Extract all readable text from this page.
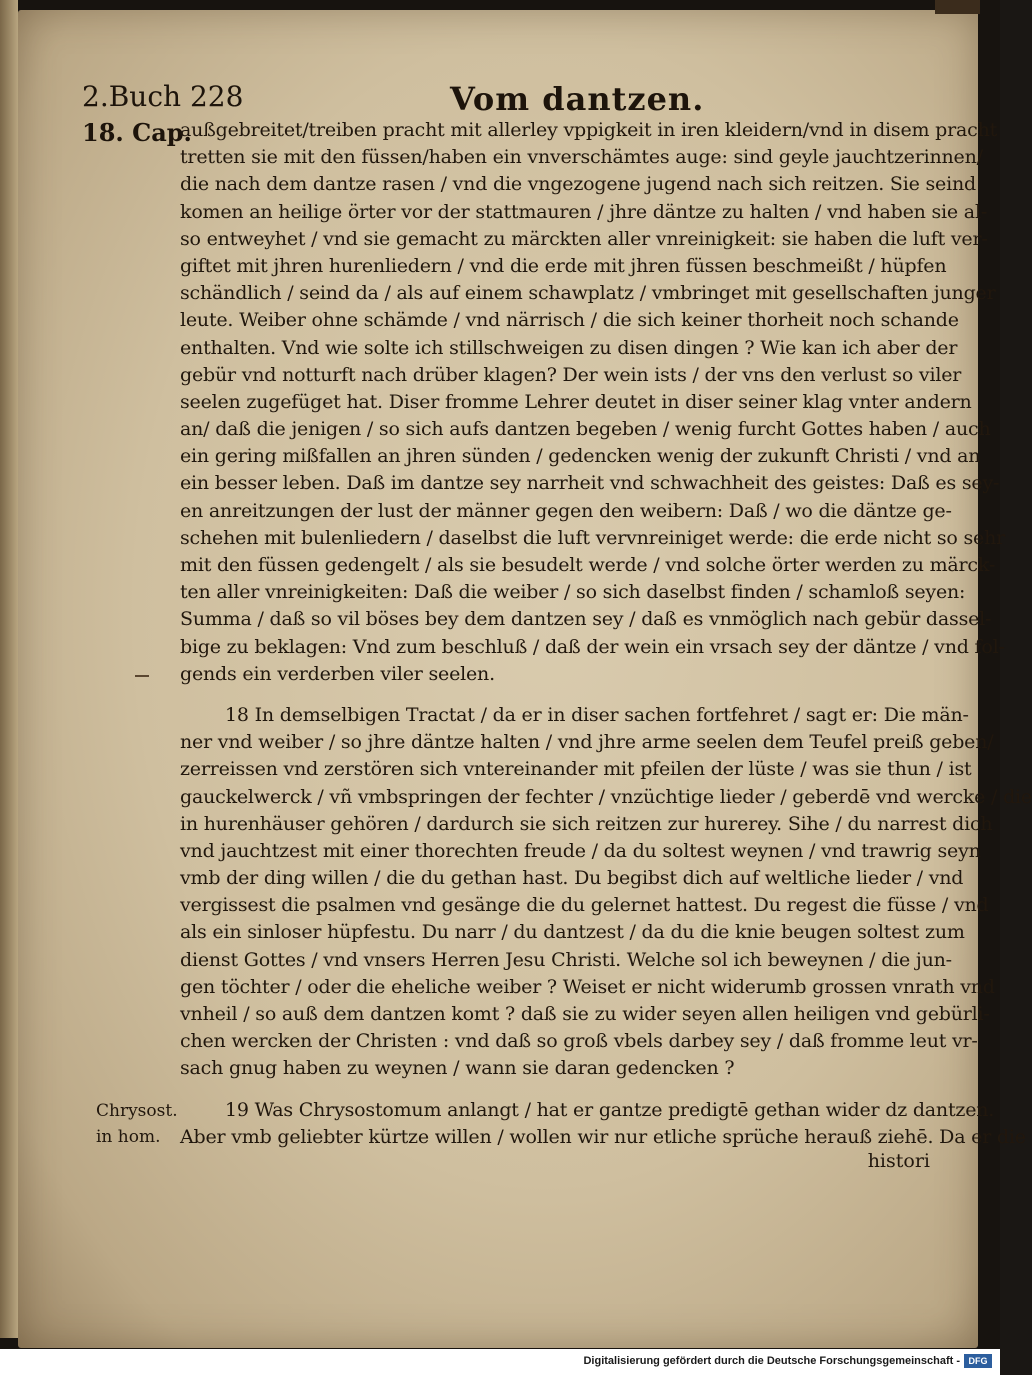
2.Buch 228	Vom dantzen.
18. Cap.
außgebreitet/treiben pracht mit allerley vppigkeit in iren kleidern/vnd in disem pracht
tretten sie mit den füssen/haben ein vnverschämtes auge: sind geyle jauchtzerinnen/
die nach dem dantze rasen / vnd die vngezogene jugend nach sich reitzen. Sie seind
komen an heilige örter vor der stattmauren / jhre däntze zu halten / vnd haben sie al-
so entweyhet / vnd sie gemacht zu märckten aller vnreinigkeit: sie haben die luft ver-
giftet mit jhren hurenliedern / vnd die erde mit jhren füssen beschmeißt / hüpfen
schändlich / seind da / als auf einem schawplatz / vmbringet mit gesellschaften junger
leute. Weiber ohne schämde / vnd närrisch / die sich keiner thorheit noch schande
enthalten. Vnd wie solte ich stillschweigen zu disen dingen ? Wie kan ich aber der
gebür vnd notturft nach drüber klagen? Der wein ists / der vns den verlust so viler
seelen zugefüget hat. Diser fromme Lehrer deutet in diser seiner klag vnter andern
an/ daß die jenigen / so sich aufs dantzen begeben / wenig furcht Gottes haben / auch
ein gering mißfallen an jhren sünden / gedencken wenig der zukunft Christi / vnd an
ein besser leben. Daß im dantze sey narrheit vnd schwachheit des geistes: Daß es sey-
en anreitzungen der lust der männer gegen den weibern: Daß / wo die däntze ge-
schehen mit bulenliedern / daselbst die luft vervnreiniget werde: die erde nicht so sehr
mit den füssen gedengelt / als sie besudelt werde / vnd solche örter werden zu märck-
ten aller vnreinigkeiten: Daß die weiber / so sich daselbst finden / schamloß seyen:
Summa / daß so vil böses bey dem dantzen sey / daß es vnmöglich nach gebür dassel-
bige zu beklagen: Vnd zum beschluß / daß der wein ein vrsach sey der däntze / vnd fol-
gends ein verderben viler seelen.
18 In demselbigen Tractat / da er in diser sachen fortfehret / sagt er: Die män-
ner vnd weiber / so jhre däntze halten / vnd jhre arme seelen dem Teufel preiß geben/
zerreissen vnd zerstören sich vntereinander mit pfeilen der lüste / was sie thun / ist
gauckelwerck / vñ vmbspringen der fechter / vnzüchtige lieder / geberdē vnd wercke / die
in hurenhäuser gehören / dardurch sie sich reitzen zur hurerey. Sihe / du narrest dich
vnd jauchtzest mit einer thorechten freude / da du soltest weynen / vnd trawrig seyn
vmb der ding willen / die du gethan hast. Du begibst dich auf weltliche lieder / vnd
vergissest die psalmen vnd gesänge die du gelernet hattest. Du regest die füsse / vnd
als ein sinloser hüpfestu. Du narr / du dantzest / da du die knie beugen soltest zum
dienst Gottes / vnd vnsers Herren Jesu Christi. Welche sol ich beweynen / die jun-
gen töchter / oder die eheliche weiber ? Weiset er nicht widerumb grossen vnrath vnd
vnheil / so auß dem dantzen komt ? daß sie zu wider seyen allen heiligen vnd gebürli-
chen wercken der Christen : vnd daß so groß vbels darbey sey / daß fromme leut vr-
sach gnug haben zu weynen / wann sie daran gedencken ?
19 Was Chrysostomum anlangt / hat er gantze predigtē gethan wider dz dantzen.
Aber vmb geliebter kürtze willen / wollen wir nur etliche sprüche herauß ziehē. Da er die
histori
Chrysost.
in hom.
Digitalisierung gefördert durch die Deutsche Forschungsgemeinschaft - DFG
